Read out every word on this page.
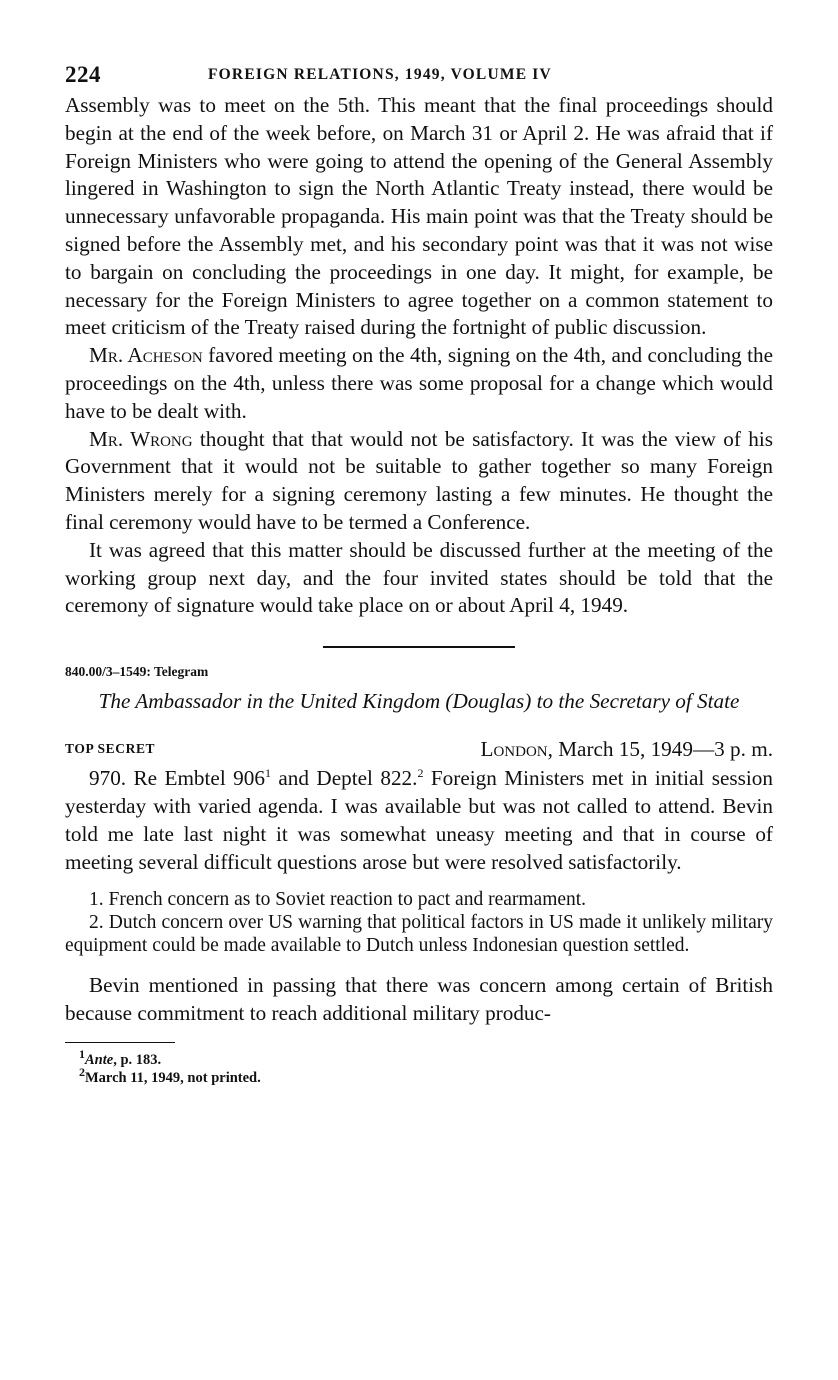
224	FOREIGN RELATIONS, 1949, VOLUME IV

Assembly was to meet on the 5th. This meant that the final proceedings should begin at the end of the week before, on March 31 or April 2. He was afraid that if Foreign Ministers who were going to attend the opening of the General Assembly lingered in Washington to sign the North Atlantic Treaty instead, there would be unnecessary unfavorable propaganda. His main point was that the Treaty should be signed before the Assembly met, and his secondary point was that it was not wise to bargain on concluding the proceedings in one day. It might, for example, be necessary for the Foreign Ministers to agree together on a common statement to meet criticism of the Treaty raised during the fortnight of public discussion.

Mr. Acheson favored meeting on the 4th, signing on the 4th, and concluding the proceedings on the 4th, unless there was some proposal for a change which would have to be dealt with.

Mr. Wrong thought that that would not be satisfactory. It was the view of his Government that it would not be suitable to gather together so many Foreign Ministers merely for a signing ceremony lasting a few minutes. He thought the final ceremony would have to be termed a Conference.

It was agreed that this matter should be discussed further at the meeting of the working group next day, and the four invited states should be told that the ceremony of signature would take place on or about April 4, 1949.

840.00/3–1549: Telegram
The Ambassador in the United Kingdom (Douglas) to the Secretary of State
TOP SECRET	London, March 15, 1949—3 p. m.

970. Re Embtel $906^1$ and Deptel 822.$^2$ Foreign Ministers met in initial session yesterday with varied agenda. I was available but was not called to attend. Bevin told me late last night it was somewhat uneasy meeting and that in course of meeting several difficult questions arose but were resolved satisfactorily.

1. French concern as to Soviet reaction to pact and rearmament.

2. Dutch concern over US warning that political factors in US made it unlikely military equipment could be made available to Dutch unless Indonesian question settled.

Bevin mentioned in passing that there was concern among certain of British because commitment to reach additional military produc-

$^1$Ante, p. 183.
$^2$March 11, 1949, not printed.
